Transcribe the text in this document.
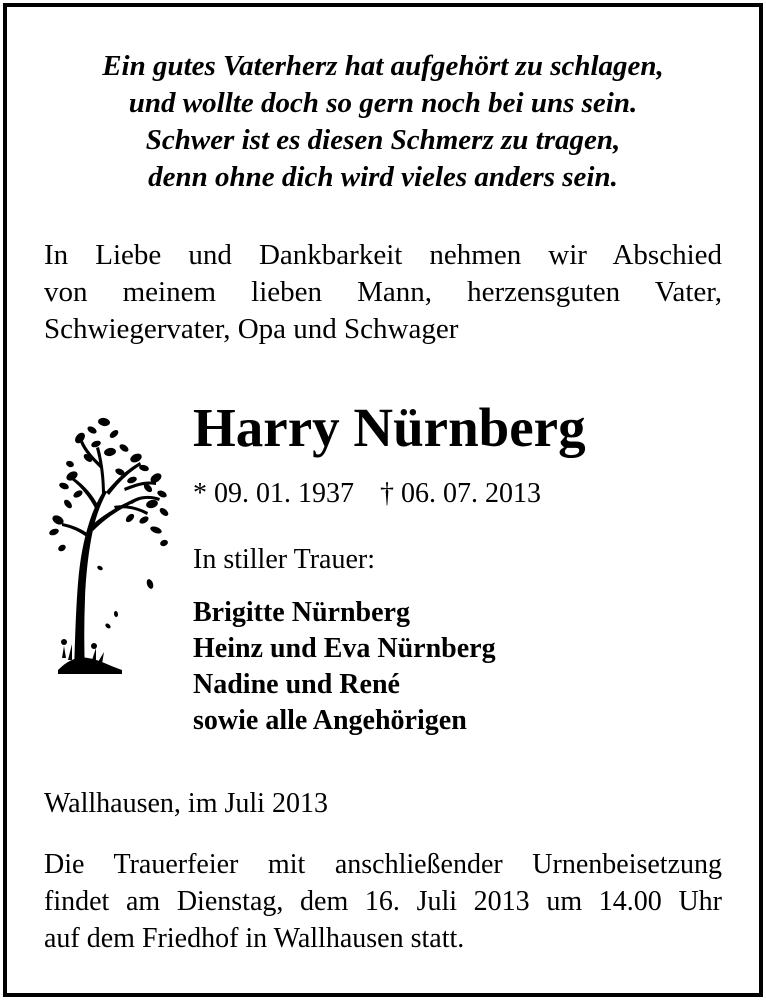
Ein gutes Vaterherz hat aufgehört zu schlagen,
und wollte doch so gern noch bei uns sein.
Schwer ist es diesen Schmerz zu tragen,
denn ohne dich wird vieles anders sein.
In Liebe und Dankbarkeit nehmen wir Abschied
von meinem lieben Mann, herzensguten Vater,
Schwiegervater, Opa und Schwager
Harry Nürnberg
* 09. 01. 1937 † 06. 07. 2013
In stiller Trauer:
Brigitte Nürnberg
Heinz und Eva Nürnberg
Nadine und René
sowie alle Angehörigen
Wallhausen, im Juli 2013
Die Trauerfeier mit anschließender Urnenbeisetzung
findet am Dienstag, dem 16. Juli 2013 um 14.00 Uhr
auf dem Friedhof in Wallhausen statt.
